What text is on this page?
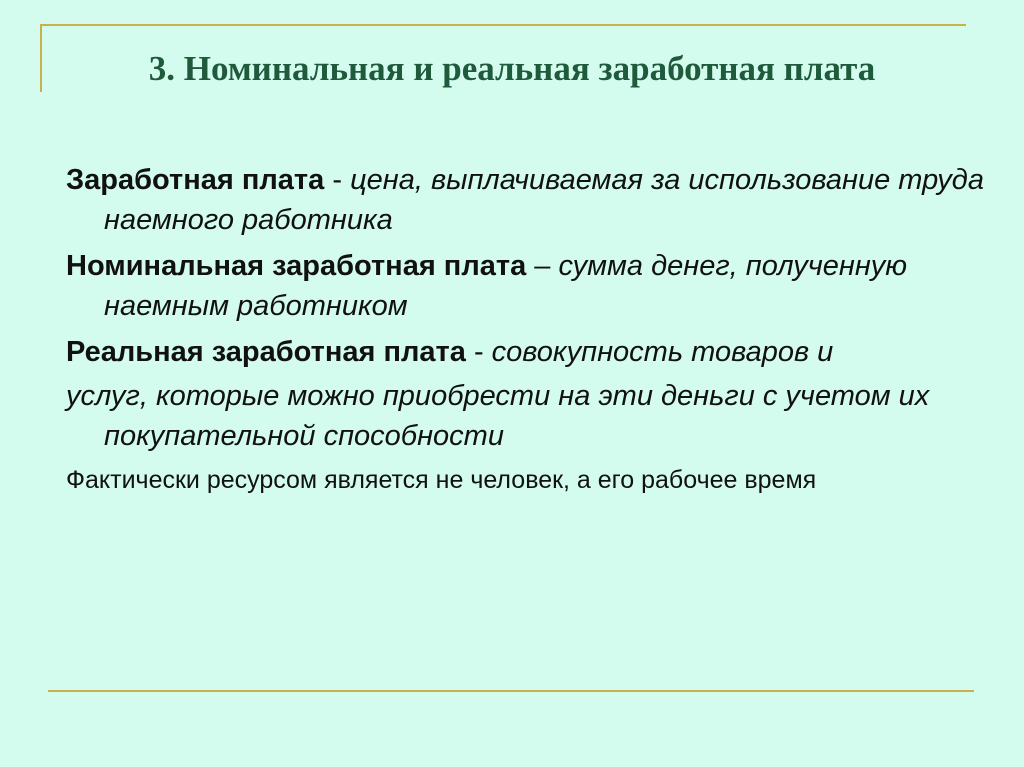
3. Номинальная и реальная заработная плата
Заработная плата - цена, выплачиваемая за использование труда наемного работника
Номинальная заработная плата – сумма денег, полученную наемным работником
Реальная заработная плата - совокупность товаров и
услуг, которые можно приобрести на эти деньги с учетом их покупательной способности
Фактически ресурсом является не человек, а его рабочее время
